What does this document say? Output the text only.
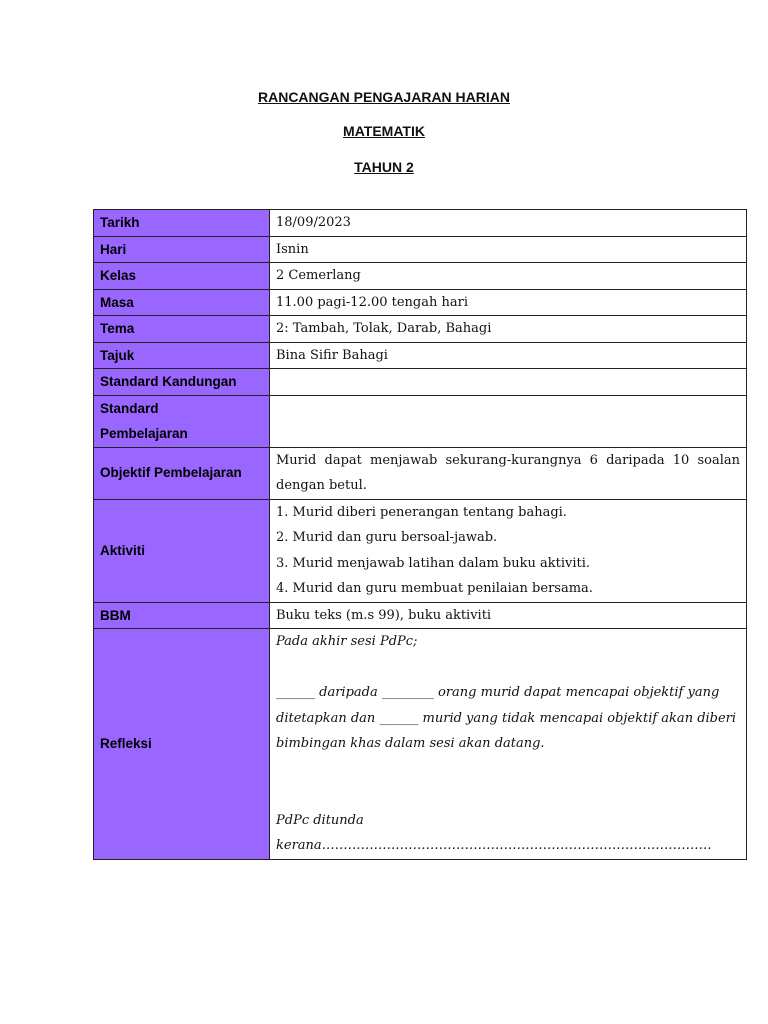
RANCANGAN PENGAJARAN HARIAN

MATEMATIK

TAHUN 2

Tarikh	18/09/2023
Hari	Isnin
Kelas	2 Cemerlang
Masa	11.00 pagi-12.00 tengah hari
Tema	2: Tambah, Tolak, Darab, Bahagi
Tajuk	Bina Sifir Bahagi
Standard Kandungan	

Standard
Pembelajaran	

Objektif Pembelajaran	Murid dapat menjawab sekurang-kurangnya 6 daripada 10 soalan dengan betul.
Aktiviti	1. Murid diberi penerangan tentang bahagi.
2. Murid dan guru bersoal-jawab.
3. Murid menjawab latihan dalam buku aktiviti.
4. Murid dan guru membuat penilaian bersama.

BBM	Buku teks (m.s 99), buku aktiviti
Refleksi	Pada akhir sesi PdPc;
______ daripada ________ orang murid dapat mencapai objektif yang
ditetapkan dan ______ murid yang tidak mencapai objektif akan diberi
bimbingan khas dalam sesi akan datang.
PdPc ditunda kerana………………………………………………………………………………
